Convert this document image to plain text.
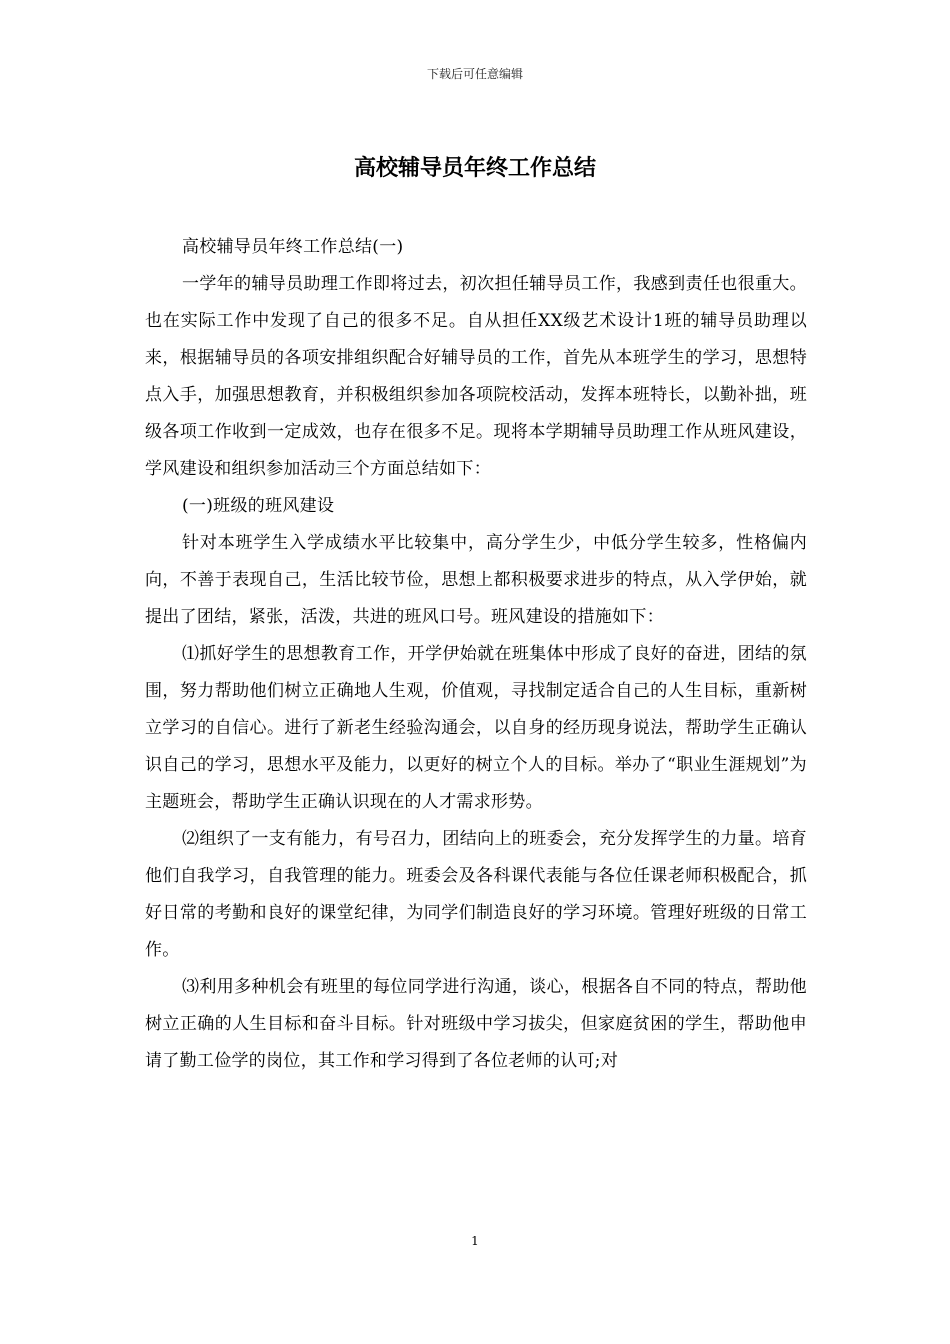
下载后可任意编辑
高校辅导员年终工作总结

高校辅导员年终工作总结(一)

一学年的辅导员助理工作即将过去，初次担任辅导员工作，我感到责任也很重大。也在实际工作中发现了自己的很多不足。自从担任XX级艺术设计1班的辅导员助理以来，根据辅导员的各项安排组织配合好辅导员的工作，首先从本班学生的学习，思想特点入手，加强思想教育，并积极组织参加各项院校活动，发挥本班特长，以勤补拙，班级各项工作收到一定成效，也存在很多不足。现将本学期辅导员助理工作从班风建设，学风建设和组织参加活动三个方面总结如下：

(一)班级的班风建设

针对本班学生入学成绩水平比较集中，高分学生少，中低分学生较多，性格偏内向，不善于表现自己，生活比较节俭，思想上都积极要求进步的特点，从入学伊始，就提出了团结，紧张，活泼，共进的班风口号。班风建设的措施如下：

⑴抓好学生的思想教育工作，开学伊始就在班集体中形成了良好的奋进，团结的氛围，努力帮助他们树立正确地人生观，价值观，寻找制定适合自己的人生目标，重新树立学习的自信心。进行了新老生经验沟通会，以自身的经历现身说法，帮助学生正确认识自己的学习，思想水平及能力，以更好的树立个人的目标。举办了“职业生涯规划”为主题班会，帮助学生正确认识现在的人才需求形势。

⑵组织了一支有能力，有号召力，团结向上的班委会，充分发挥学生的力量。培育他们自我学习，自我管理的能力。班委会及各科课代表能与各位任课老师积极配合，抓好日常的考勤和良好的课堂纪律，为同学们制造良好的学习环境。管理好班级的日常工作。

⑶利用多种机会有班里的每位同学进行沟通，谈心，根据各自不同的特点，帮助他树立正确的人生目标和奋斗目标。针对班级中学习拔尖，但家庭贫困的学生，帮助他申请了勤工俭学的岗位，其工作和学习得到了各位老师的认可;对

1
